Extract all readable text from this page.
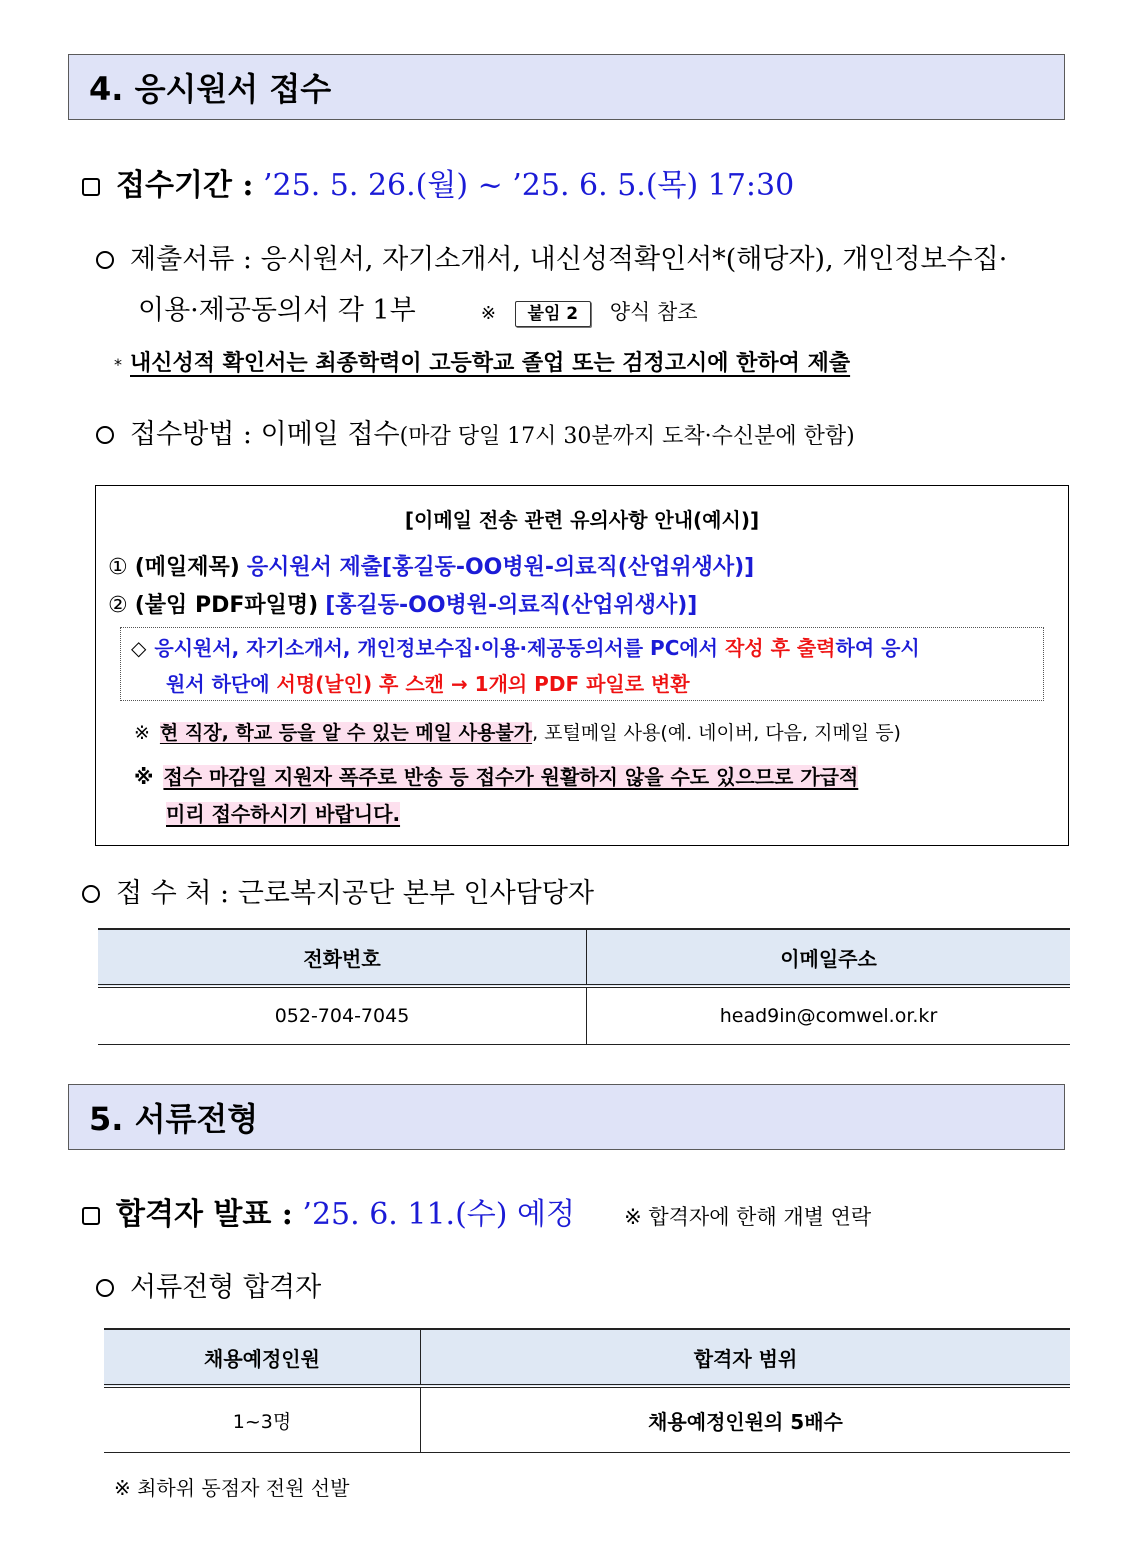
4. 응시원서 접수
접수기간 : ’25. 5. 26.(월) ~ ’25. 6. 5.(목) 17:30
제출서류 : 응시원서, 자기소개서, 내신성적확인서*(해당자), 개인정보수집·
이용·제공동의서 각 1부	※ 붙임 2 양식 참조
* 내신성적 확인서는 최종학력이 고등학교 졸업 또는 검정고시에 한하여 제출
접수방법 : 이메일 접수(마감 당일 17시 30분까지 도착·수신분에 한함)
[이메일 전송 관련 유의사항 안내(예시)]
① (메일제목) 응시원서 제출[홍길동-OO병원-의료직(산업위생사)]
② (붙임 PDF파일명) [홍길동-OO병원-의료직(산업위생사)]
◇ 응시원서, 자기소개서, 개인정보수집·이용·제공동의서를 PC에서 작성 후 출력하여 응시
원서 하단에 서명(날인) 후 스캔 → 1개의 PDF 파일로 변환
※ 현 직장, 학교 등을 알 수 있는 메일 사용불가, 포털메일 사용(예. 네이버, 다음, 지메일 등)
※ 접수 마감일 지원자 폭주로 반송 등 접수가 원활하지 않을 수도 있으므로 가급적
미리 접수하시기 바랍니다.
접 수 처 : 근로복지공단 본부 인사담당자
전화번호	이메일주소
052-704-7045	head9in@comwel.or.kr
5. 서류전형
합격자 발표 : ’25. 6. 11.(수) 예정 ※ 합격자에 한해 개별 연락
서류전형 합격자
채용예정인원	합격자 범위
1~3명	채용예정인원의 5배수
※ 최하위 동점자 전원 선발
